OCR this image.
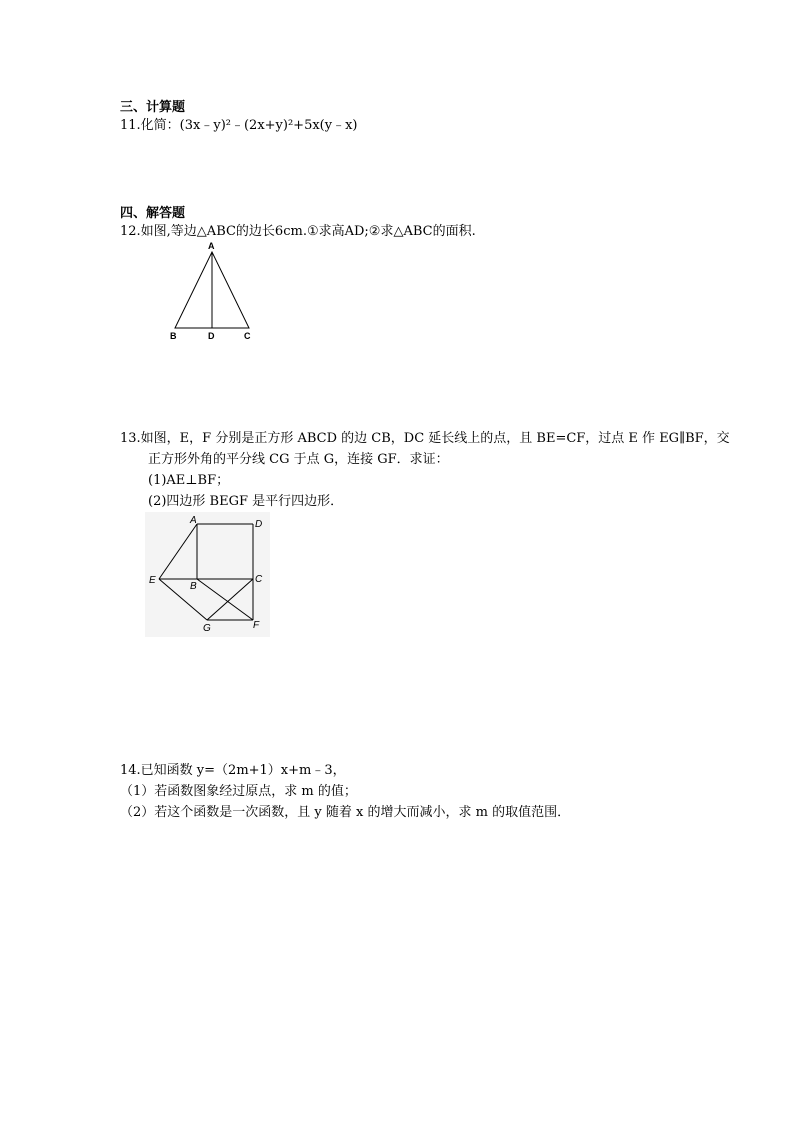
三、计算题
11.化简：(3x﹣y)²﹣(2x+y)²+5x(y﹣x)
四、解答题
12.如图,等边△ABC的边长6cm.①求高AD;②求△ABC的面积.
A
B	D	C
13.如图，E，F 分别是正方形 ABCD 的边 CB，DC 延长线上的点，且 BE=CF，过点 E 作 EG∥BF，交
正方形外角的平分线 CG 于点 G，连接 GF．求证：
(1)AE⊥BF；
(2)四边形 BEGF 是平行四边形．
A	D
E
B
C
G	F
14.已知函数 y=（2m+1）x+m﹣3，
（1）若函数图象经过原点，求 m 的值；
（2）若这个函数是一次函数，且 y 随着 x 的增大而减小，求 m 的取值范围．
